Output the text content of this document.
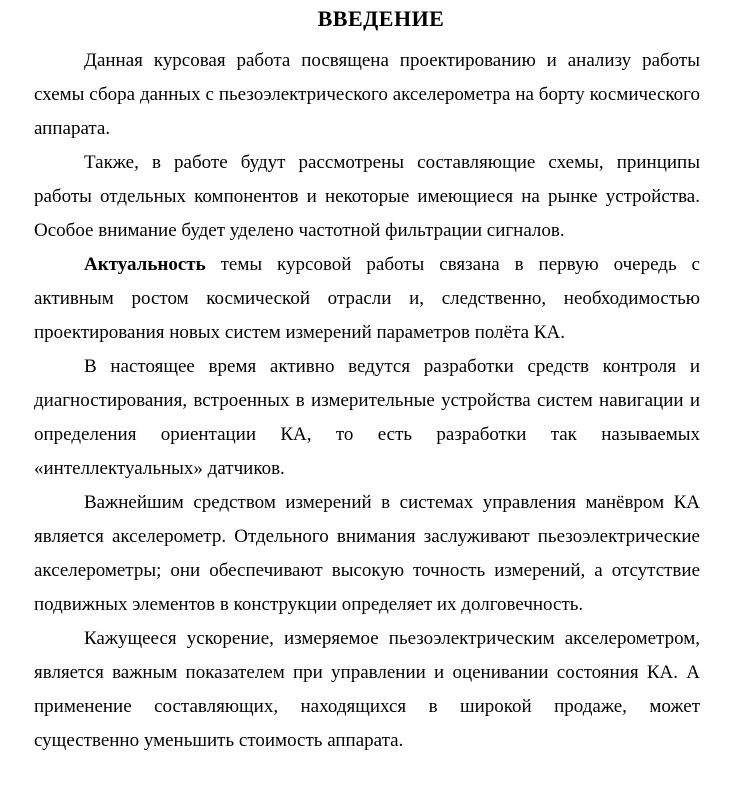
ВВЕДЕНИЕ

Данная курсовая работа посвящена проектированию и анализу работы схемы сбора данных с пьезоэлектрического акселерометра на борту космического аппарата.

Также, в работе будут рассмотрены составляющие схемы, принципы работы отдельных компонентов и некоторые имеющиеся на рынке устройства. Особое внимание будет уделено частотной фильтрации сигналов.

Актуальность темы курсовой работы связана в первую очередь с активным ростом космической отрасли и, следственно, необходимостью проектирования новых систем измерений параметров полёта КА.

В настоящее время активно ведутся разработки средств контроля и диагностирования, встроенных в измерительные устройства систем навигации и определения ориентации КА, то есть разработки так называемых «интеллектуальных» датчиков.

Важнейшим средством измерений в системах управления манёвром КА является акселерометр. Отдельного внимания заслуживают пьезоэлектрические акселерометры; они обеспечивают высокую точность измерений, а отсутствие подвижных элементов в конструкции определяет их долговечность.

Кажущееся ускорение, измеряемое пьезоэлектрическим акселерометром, является важным показателем при управлении и оценивании состояния КА. А применение составляющих, находящихся в широкой продаже, может существенно уменьшить стоимость аппарата.
